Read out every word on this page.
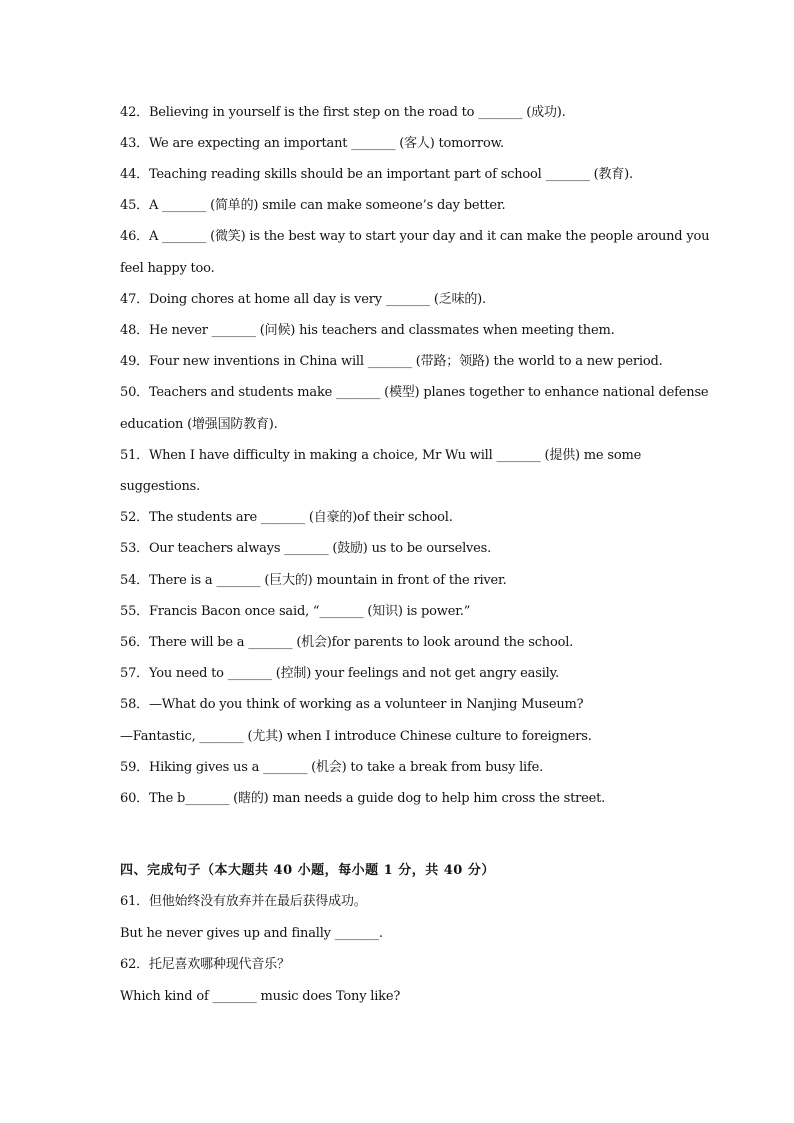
42．Believing in yourself is the first step on the road to _______ (成功).
43．We are expecting an important _______ (客人) tomorrow.
44．Teaching reading skills should be an important part of school _______ (教育).
45．A _______ (简单的) smile can make someone’s day better.
46．A _______ (微笑) is the best way to start your day and it can make the people around you
feel happy too.
47．Doing chores at home all day is very _______ (乏味的).
48．He never _______ (问候) his teachers and classmates when meeting them.
49．Four new inventions in China will _______ (带路；领路) the world to a new period.
50．Teachers and students make _______ (模型) planes together to enhance national defense
education (增强国防教育).
51．When I have difficulty in making a choice, Mr Wu will _______ (提供) me some
suggestions.
52．The students are _______ (自豪的)of their school.
53．Our teachers always _______ (鼓励) us to be ourselves.
54．There is a _______ (巨大的) mountain in front of the river.
55．Francis Bacon once said, “_______ (知识) is power.”
56．There will be a _______ (机会)for parents to look around the school.
57．You need to _______ (控制) your feelings and not get angry easily.
58．—What do you think of working as a volunteer in Nanjing Museum?
—Fantastic, _______ (尤其) when I introduce Chinese culture to foreigners.
59．Hiking gives us a _______ (机会) to take a break from busy life.
60．The b_______ (瞎的) man needs a guide dog to help him cross the street.
四、完成句子（本大题共 40 小题，每小题 1 分，共 40 分）
61．但他始终没有放弃并在最后获得成功。
But he never gives up and finally _______.
62．托尼喜欢哪种现代音乐？
Which kind of _______ music does Tony like?
